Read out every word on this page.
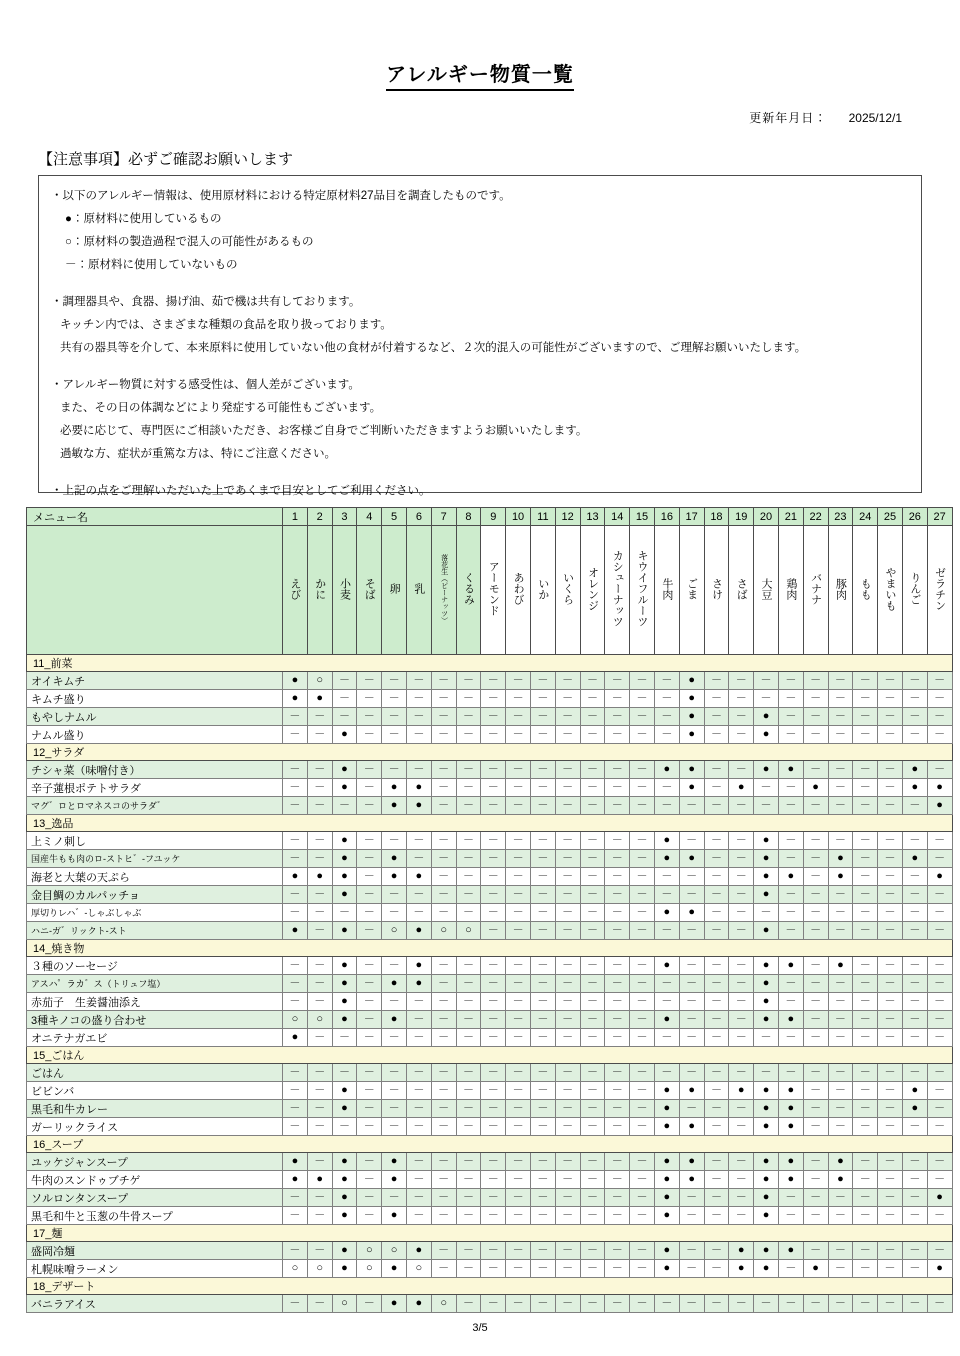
アレルギー物質一覧
更新年月日： 2025/12/1
【注意事項】必ずご確認お願いします
・以下のアレルギー情報は、使用原材料における特定原材料27品目を調査したものです。
●：原材料に使用しているもの
○：原材料の製造過程で混入の可能性があるもの
－：原材料に使用していないもの
・調理器具や、食器、揚げ油、茹で機は共有しております。
キッチン内では、さまざまな種類の食品を取り扱っております。
共有の器具等を介して、本来原料に使用していない他の食材が付着するなど、２次的混入の可能性がございますので、ご理解お願いいたします。
・アレルギー物質に対する感受性は、個人差がございます。
また、その日の体調などにより発症する可能性もございます。
必要に応じて、専門医にご相談いただき、お客様ご自身でご判断いただきますようお願いいたします。
過敏な方、症状が重篤な方は、特にご注意ください。
・上記の点をご理解いただいた上であくまで目安としてご利用ください。
メニュー名	1	2	3	4	5	6	7	8	9	10	11	12	13	14	15	16	17	18	19	20	21	22	23	24	25	26	27
	えび	かに	小麦	そば	卵	乳	落花生（ピーナッツ）	くるみ	アーモンド	あわび	いか	いくら	オレンジ	カシューナッツ	キウイフルーツ	牛肉	ごま	さけ	さば	大豆	鶏肉	バナナ	豚肉	もも	やまいも	りんご	ゼラチン
11_前菜																											
オイキムチ	●	○	－	－	－	－	－	－	－	－	－	－	－	－	－	－	●	－	－	－	－	－	－	－	－	－	－
キムチ盛り	●	●	－	－	－	－	－	－	－	－	－	－	－	－	－	－	●	－	－	－	－	－	－	－	－	－	－
もやしナムル	－	－	－	－	－	－	－	－	－	－	－	－	－	－	－	－	●	－	－	●	－	－	－	－	－	－	－
ナムル盛り	－	－	●	－	－	－	－	－	－	－	－	－	－	－	－	－	●	－	－	●	－	－	－	－	－	－	－
12_サラダ																											
チシャ菜（味噌付き）	－	－	●	－	－	－	－	－	－	－	－	－	－	－	－	●	●	－	－	●	●	－	－	－	－	●	－
辛子蓮根ポテトサラダ	－	－	●	－	●	●	－	－	－	－	－	－	－	－	－	－	●	－	●	－	－	●	－	－	－	●	●
マグ゛ロとロマネスコのサラダ゛	－	－	－	－	●	●	－	－	－	－	－	－	－	－	－	－	－	－	－	－	－	－	－	－	－	－	●
13_逸品																											
上ミノ刺し	－	－	●	－	－	－	－	－	－	－	－	－	－	－	－	●	－	－	－	●	－	－	－	－	－	－	－
国産牛もも肉のロ-ストヒ゛-フユッケ	－	－	●	－	●	－	－	－	－	－	－	－	－	－	－	●	●	－	－	●	－	－	●	－	－	●	－
海老と大葉の天ぷら	●	●	●	－	●	●	－	－	－	－	－	－	－	－	－	－	－	－	－	●	●	－	●	－	－	－	●
金目鯛のカルパッチョ	－	－	●	－	－	－	－	－	－	－	－	－	－	－	－	－	－	－	－	●	－	－	－	－	－	－	－
厚切りレハ゛-しゃぶしゃぶ	－	－	－	－	－	－	－	－	－	－	－	－	－	－	－	●	●	－	－	－	－	－	－	－	－	－	－
ハニ-ガ゛リックト-スト	●	－	●	－	○	●	○	○	－	－	－	－	－	－	－	－	－	－	－	●	－	－	－	－	－	－	－
14_焼き物																											
３種のソーセージ	－	－	●	－	－	●	－	－	－	－	－	－	－	－	－	●	－	－	－	●	●	－	●	－	－	－	－
アスハ゜ラカ゛ス（トリュフ塩）	－	－	●	－	●	●	－	－	－	－	－	－	－	－	－	－	－	－	－	●	－	－	－	－	－	－	－
赤茄子　生姜醤油添え	－	－	●	－	－	－	－	－	－	－	－	－	－	－	－	－	－	－	－	●	－	－	－	－	－	－	－
3種キノコの盛り合わせ	○	○	●	－	●	－	－	－	－	－	－	－	－	－	－	●	－	－	－	●	●	－	－	－	－	－	－
オニテナガエビ	●	－	－	－	－	－	－	－	－	－	－	－	－	－	－	－	－	－	－	－	－	－	－	－	－	－	－
15_ごはん																											
ごはん	－	－	－	－	－	－	－	－	－	－	－	－	－	－	－	－	－	－	－	－	－	－	－	－	－	－	－
ビビンバ	－	－	●	－	－	－	－	－	－	－	－	－	－	－	－	●	●	－	●	●	●	－	－	－	－	●	－
黒毛和牛カレー	－	－	●	－	－	－	－	－	－	－	－	－	－	－	－	●	－	－	－	●	●	－	－	－	－	●	－
ガーリックライス	－	－	－	－	－	－	－	－	－	－	－	－	－	－	－	●	●	－	－	●	●	－	－	－	－	－	－
16_スープ																											
ユッケジャンスープ	●	－	●	－	●	－	－	－	－	－	－	－	－	－	－	●	●	－	－	●	●	－	●	－	－	－	－
牛肉のスンドゥブチゲ	●	●	●	－	●	－	－	－	－	－	－	－	－	－	－	●	●	－	－	●	●	－	●	－	－	－	－
ソルロンタンスープ	－	－	●	－	－	－	－	－	－	－	－	－	－	－	－	●	－	－	－	●	－	－	－	－	－	－	●
黒毛和牛と玉葱の牛骨スープ	－	－	●	－	●	－	－	－	－	－	－	－	－	－	－	●	－	－	－	●	－	－	－	－	－	－	－
17_麺																											
盛岡冷麺	－	－	●	○	○	●	－	－	－	－	－	－	－	－	－	●	－	－	●	●	●	－	－	－	－	－	－
札幌味噌ラーメン	○	○	●	○	●	○	－	－	－	－	－	－	－	－	－	●	－	－	●	●	－	●	－	－	－	－	●
18_デザート																											
バニラアイス	－	－	○	－	●	●	○	－	－	－	－	－	－	－	－	－	－	－	－	－	－	－	－	－	－	－	－
3/5
